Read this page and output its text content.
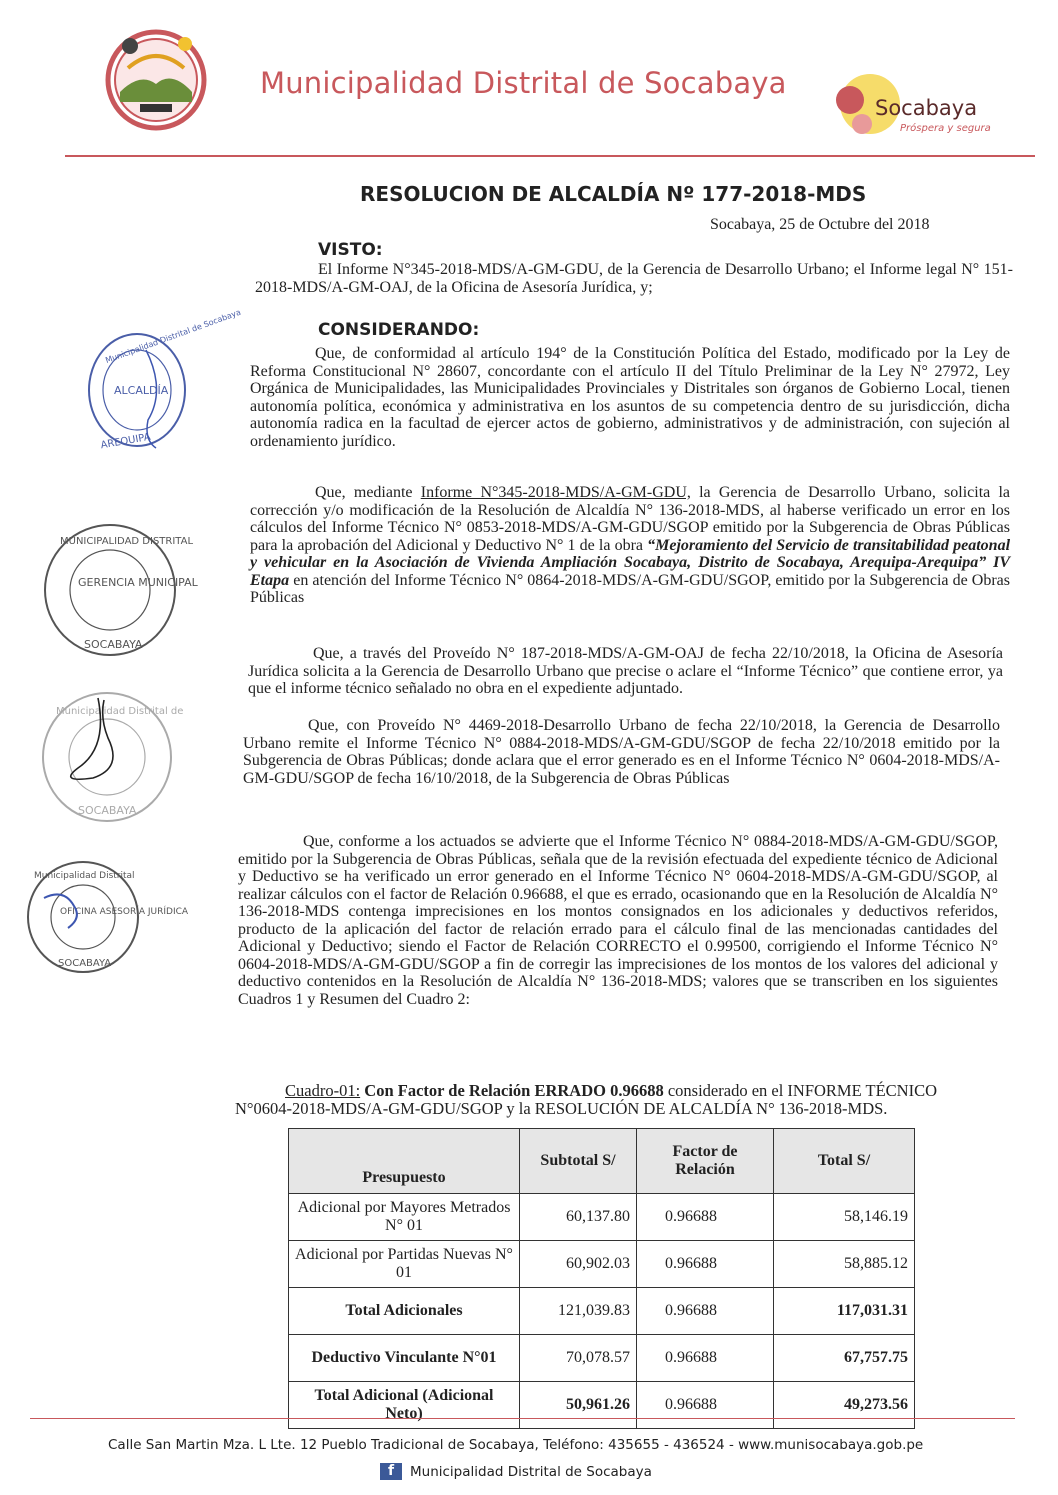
Municipalidad Distrital de Socabaya
Socabaya
Próspera y segura
RESOLUCION DE ALCALDÍA Nº 177-2018-MDS
Socabaya, 25 de Octubre del 2018
VISTO:
El Informe N°345-2018-MDS/A-GM-GDU, de la Gerencia de Desarrollo Urbano; el Informe legal N° 151-2018-MDS/A-GM-OAJ, de la Oficina de Asesoría Jurídica, y;
CONSIDERANDO:
Que, de conformidad al artículo 194° de la Constitución Política del Estado, modificado por la Ley de Reforma Constitucional N° 28607, concordante con el artículo II del Título Preliminar de la Ley N° 27972, Ley Orgánica de Municipalidades, las Municipalidades Provinciales y Distritales son órganos de Gobierno Local, tienen autonomía política, económica y administrativa en los asuntos de su competencia dentro de su jurisdicción, dicha autonomía radica en la facultad de ejercer actos de gobierno, administrativos y de administración, con sujeción al ordenamiento jurídico.
Que, mediante Informe N°345-2018-MDS/A-GM-GDU, la Gerencia de Desarrollo Urbano, solicita la corrección y/o modificación de la Resolución de Alcaldía N° 136-2018-MDS, al haberse verificado un error en los cálculos del Informe Técnico N° 0853-2018-MDS/A-GM-GDU/SGOP emitido por la Subgerencia de Obras Públicas para la aprobación del Adicional y Deductivo N° 1 de la obra “Mejoramiento del Servicio de transitabilidad peatonal y vehicular en la Asociación de Vivienda Ampliación Socabaya, Distrito de Socabaya, Arequipa-Arequipa” IV Etapa en atención del Informe Técnico N° 0864-2018-MDS/A-GM-GDU/SGOP, emitido por la Subgerencia de Obras Públicas
Que, a través del Proveído N° 187-2018-MDS/A-GM-OAJ de fecha 22/10/2018, la Oficina de Asesoría Jurídica solicita a la Gerencia de Desarrollo Urbano que precise o aclare el “Informe Técnico” que contiene error, ya que el informe técnico señalado no obra en el expediente adjuntado.
Que, con Proveído N° 4469-2018-Desarrollo Urbano de fecha 22/10/2018, la Gerencia de Desarrollo Urbano remite el Informe Técnico N° 0884-2018-MDS/A-GM-GDU/SGOP de fecha 22/10/2018 emitido por la Subgerencia de Obras Públicas; donde aclara que el error generado es en el Informe Técnico N° 0604-2018-MDS/A-GM-GDU/SGOP de fecha 16/10/2018, de la Subgerencia de Obras Públicas
Que, conforme a los actuados se advierte que el Informe Técnico N° 0884-2018-MDS/A-GM-GDU/SGOP, emitido por la Subgerencia de Obras Públicas, señala que de la revisión efectuada del expediente técnico de Adicional y Deductivo se ha verificado un error generado en el Informe Técnico N° 0604-2018-MDS/A-GM-GDU/SGOP, al realizar cálculos con el factor de Relación 0.96688, el que es errado, ocasionando que en la Resolución de Alcaldía N° 136-2018-MDS contenga imprecisiones en los montos consignados en los adicionales y deductivos referidos, producto de la aplicación del factor de relación errado para el cálculo final de las mencionadas cantidades del Adicional y Deductivo; siendo el Factor de Relación CORRECTO el 0.99500, corrigiendo el Informe Técnico N° 0604-2018-MDS/A-GM-GDU/SGOP a fin de corregir las imprecisiones de los montos de los valores del adicional y deductivo contenidos en la Resolución de Alcaldía N° 136-2018-MDS; valores que se transcriben en los siguientes Cuadros 1 y Resumen del Cuadro 2:
ALCALDÍA
AREQUIPA
Municipalidad Distrital de Socabaya
GERENCIA MUNICIPAL
SOCABAYA
MUNICIPALIDAD DISTRITAL
Municipalidad Distrital de
SOCABAYA
Municipalidad Distrital
OFICINA ASESORÍA JURÍDICA
SOCABAYA
Cuadro-01: Con Factor de Relación ERRADO 0.96688 considerado en el INFORME TÉCNICO N°0604-2018-MDS/A-GM-GDU/SGOP y la RESOLUCIÓN DE ALCALDÍA N° 136-2018-MDS.
Presupuesto	Subtotal S/	Factor de Relación	Total S/
Adicional por Mayores Metrados N° 01	60,137.80	0.96688	58,146.19
Adicional por Partidas Nuevas N° 01	60,902.03	0.96688	58,885.12
Total Adicionales	121,039.83	0.96688	117,031.31
Deductivo Vinculante N°01	70,078.57	0.96688	67,757.75
Total Adicional (Adicional Neto)	50,961.26	0.96688	49,273.56
Calle San Martin Mza. L Lte. 12 Pueblo Tradicional de Socabaya, Teléfono: 435655 - 436524 - www.munisocabaya.gob.pe
f	Municipalidad Distrital de Socabaya
